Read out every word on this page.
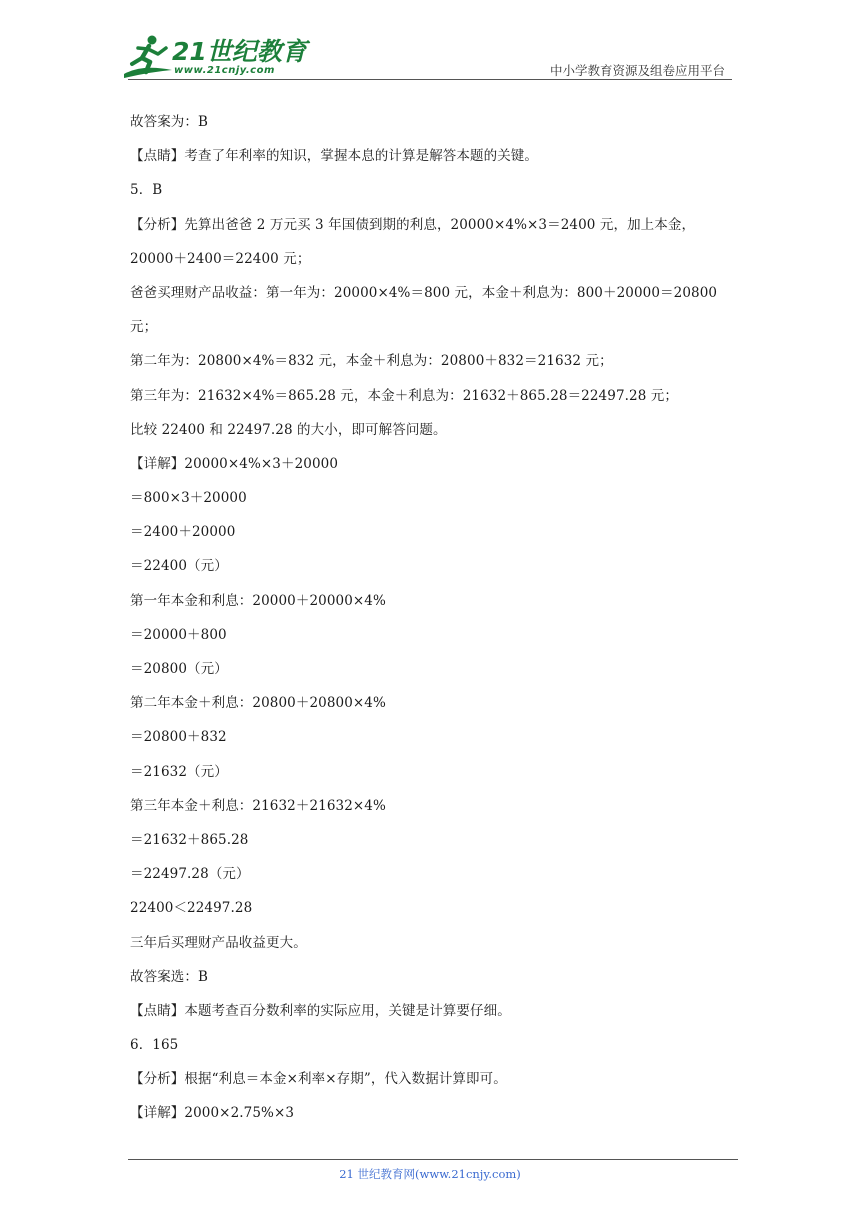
21世纪教育
www.21cnjy.com	中小学教育资源及组卷应用平台
故答案为：B
【点睛】考查了年利率的知识，掌握本息的计算是解答本题的关键。
5．B
【分析】先算出爸爸 2 万元买 3 年国债到期的利息，20000×4%×3＝2400 元，加上本金，
20000＋2400＝22400 元；
爸爸买理财产品收益：第一年为：20000×4%＝800 元，本金＋利息为：800＋20000＝20800
元；
第二年为：20800×4%＝832 元，本金＋利息为：20800＋832＝21632 元；
第三年为：21632×4%＝865.28 元，本金＋利息为：21632＋865.28＝22497.28 元；
比较 22400 和 22497.28 的大小，即可解答问题。
【详解】20000×4%×3＋20000
＝800×3＋20000
＝2400＋20000
＝22400（元）
第一年本金和利息：20000＋20000×4%
＝20000＋800
＝20800（元）
第二年本金＋利息：20800＋20800×4%
＝20800＋832
＝21632（元）
第三年本金＋利息：21632＋21632×4%
＝21632＋865.28
＝22497.28（元）
22400＜22497.28
三年后买理财产品收益更大。
故答案选：B
【点睛】本题考查百分数利率的实际应用，关键是计算要仔细。
6．165
【分析】根据“利息＝本金×利率×存期”，代入数据计算即可。
【详解】2000×2.75%×3
21 世纪教育网(www.21cnjy.com)
